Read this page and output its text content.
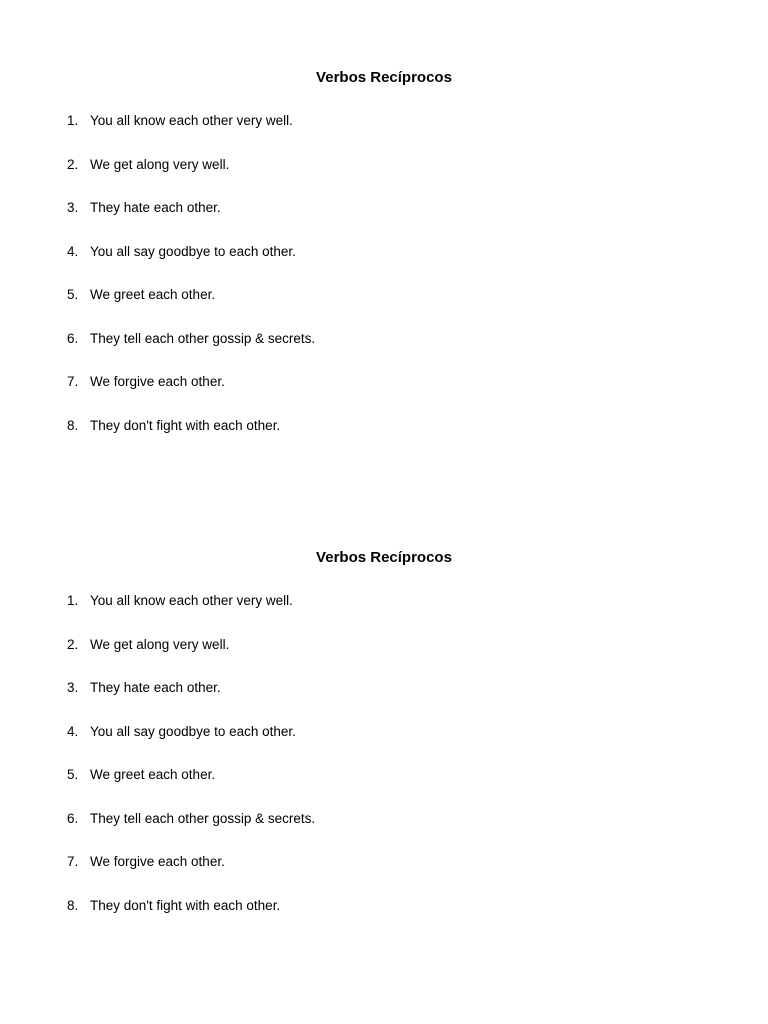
Verbos Recíprocos
1. You all know each other very well.
2. We get along very well.
3. They hate each other.
4. You all say goodbye to each other.
5. We greet each other.
6. They tell each other gossip & secrets.
7. We forgive each other.
8. They don't fight with each other.
Verbos Recíprocos
1. You all know each other very well.
2. We get along very well.
3. They hate each other.
4. You all say goodbye to each other.
5. We greet each other.
6. They tell each other gossip & secrets.
7. We forgive each other.
8. They don't fight with each other.
